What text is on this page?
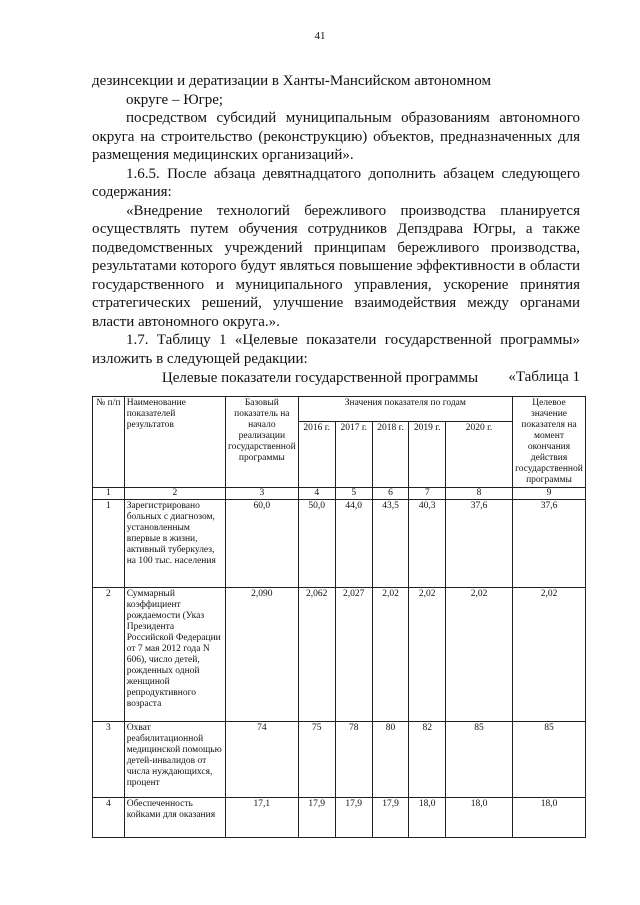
41

дезинсекции и дератизации в Ханты-Мансийском автономном

округе – Югре;

посредством субсидий муниципальным образованиям автономного округа на строительство (реконструкцию) объектов, предназначенных для размещения медицинских организаций».

1.6.5. После абзаца девятнадцатого дополнить абзацем следующего содержания:

«Внедрение технологий бережливого производства планируется осуществлять путем обучения сотрудников Депздрава Югры, а также подведомственных учреждений принципам бережливого производства, результатами которого будут являться повышение эффективности в области государственного и муниципального управления, ускорение принятия стратегических решений, улучшение взаимодействия между органами власти автономного округа.».

1.7. Таблицу 1 «Целевые показатели государственной программы» изложить в следующей редакции:

«Таблица 1

Целевые показатели государственной программы
№ п/п	Наименование показателей результатов	Базовый показатель на начало реализации государственной программы	Значения показателя по годам					Целевое значение показателя на момент окончания действия государственной программы
			2016 г.	2017 г.	2018 г.	2019 г.	2020 г.	
1	2	3	4	5	6	7	8	9
1	Зарегистрировано больных с диагнозом, установленным впервые в жизни, активный туберкулез, на 100 тыс. населения	60,0	50,0	44,0	43,5	40,3	37,6	37,6
2	Суммарный коэффициент рождаемости (Указ Президента Российской Федерации от 7 мая 2012 года N 606), число детей, рожденных одной женщиной репродуктивного возраста	2,090	2,062	2,027	2,02	2,02	2,02	2,02
3	Охват реабилитационной медицинской помощью детей-инвалидов от числа нуждающихся, процент	74	75	78	80	82	85	85
4	Обеспеченность койками для оказания	17,1	17,9	17,9	17,9	18,0	18,0	18,0
